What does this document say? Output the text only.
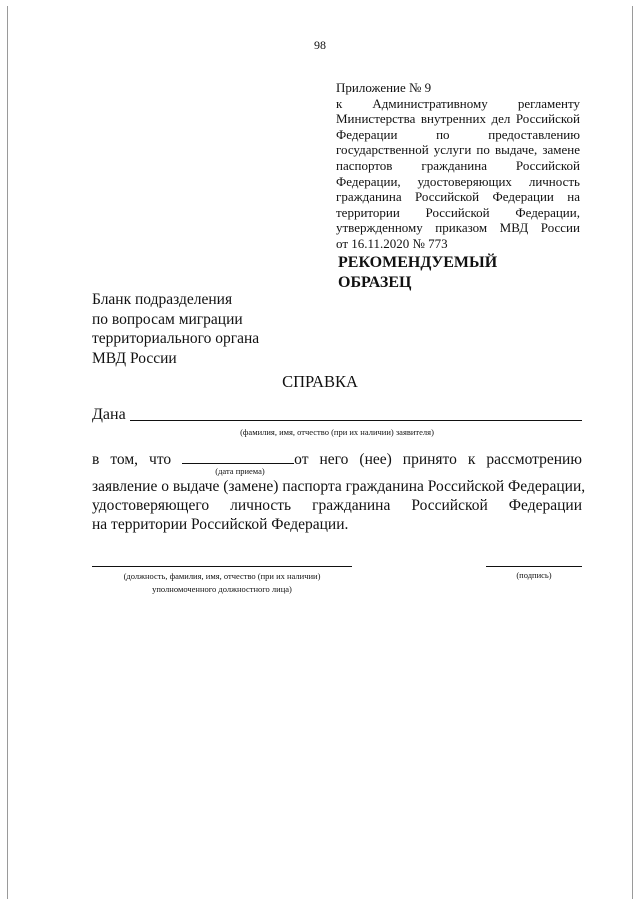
98
Приложение № 9
к Административному регламенту
Министерства внутренних дел Российской
Федерации	по	предоставлению
государственной услуги по выдаче, замене
паспортов гражданина Российской
Федерации, удостоверяющих личность
гражданина Российской Федерации на
территории Российской Федерации,
утвержденному приказом МВД России
от 16.11.2020 № 773
РЕКОМЕНДУЕМЫЙ
ОБРАЗЕЦ
Бланк подразделения
по вопросам миграции
территориального органа
МВД России
СПРАВКА
Дана
(фамилия, имя, отчество (при их наличии) заявителя)
в том, что	от него (нее) принято к рассмотрению
заявление о выдаче (замене) паспорта гражданина Российской Федерации,
удостоверяющего личность гражданина Российской Федерации
на территории Российской Федерации.
(дата приема)
(должность, фамилия, имя, отчество (при их наличии)
уполномоченного должностного лица)
(подпись)
